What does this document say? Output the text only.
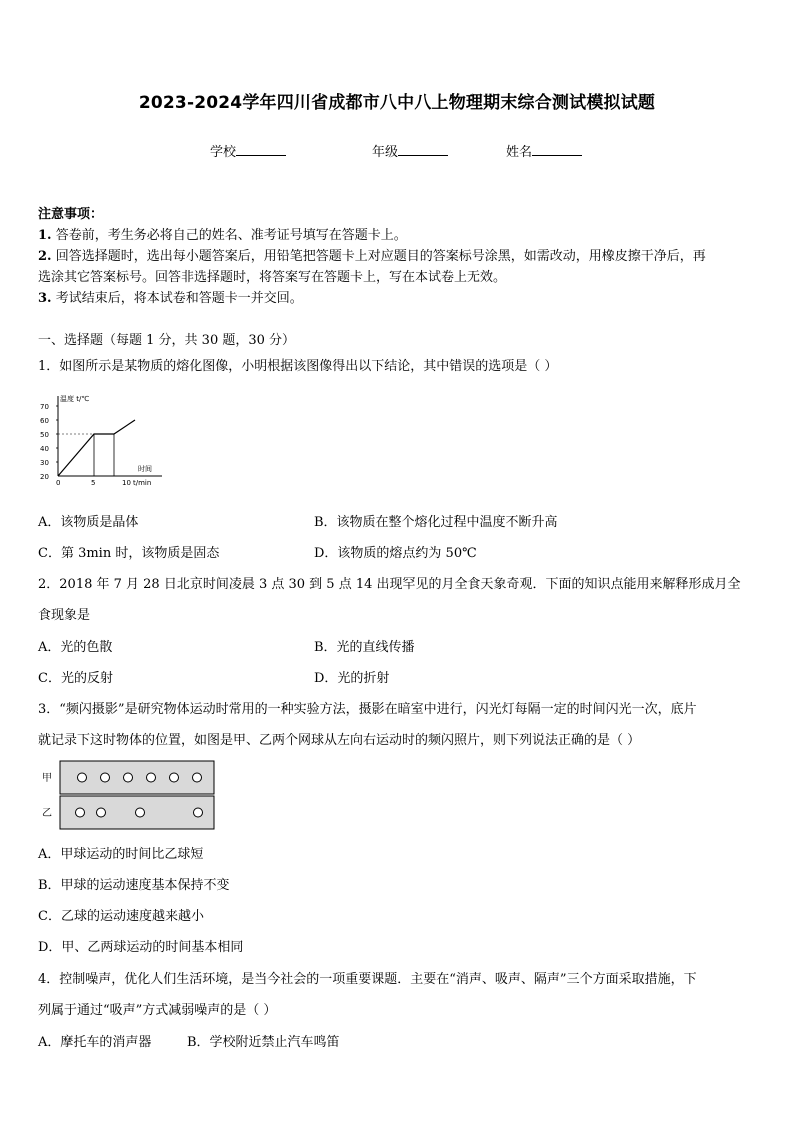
2023-2024学年四川省成都市八中八上物理期末综合测试模拟试题
学校	年级	姓名
注意事项：
1. 答卷前，考生务必将自己的姓名、准考证号填写在答题卡上。
2. 回答选择题时，选出每小题答案后，用铅笔把答题卡上对应题目的答案标号涂黑，如需改动，用橡皮擦干净后，再
选涂其它答案标号。回答非选择题时，将答案写在答题卡上，写在本试卷上无效。
3. 考试结束后，将本试卷和答题卡一并交回。
一、选择题（每题 1 分，共 30 题，30 分）
1．如图所示是某物质的熔化图像，小明根据该图像得出以下结论，其中错误的选项是（ ）
70
60
50
40
30
20
温度 t/℃
0	5	10
时间
t/min
A．该物质是晶体	B．该物质在整个熔化过程中温度不断升高
C．第 3min 时，该物质是固态	D．该物质的熔点约为 50℃
2．2018 年 7 月 28 日北京时间凌晨 3 点 30 到 5 点 14 出现罕见的月全食天象奇观．下面的知识点能用来解释形成月全
食现象是
A．光的色散	B．光的直线传播
C．光的反射	D．光的折射
3．“频闪摄影”是研究物体运动时常用的一种实验方法，摄影在暗室中进行，闪光灯每隔一定的时间闪光一次，底片
就记录下这时物体的位置，如图是甲、乙两个网球从左向右运动时的频闪照片，则下列说法正确的是（ ）
甲
乙
A．甲球运动的时间比乙球短
B．甲球的运动速度基本保持不变
C．乙球的运动速度越来越小
D．甲、乙两球运动的时间基本相同
4．控制噪声，优化人们生活环境，是当今社会的一项重要课题．主要在“消声、吸声、隔声”三个方面采取措施，下
列属于通过“吸声”方式减弱噪声的是（ ）
A．摩托车的消声器	B．学校附近禁止汽车鸣笛
